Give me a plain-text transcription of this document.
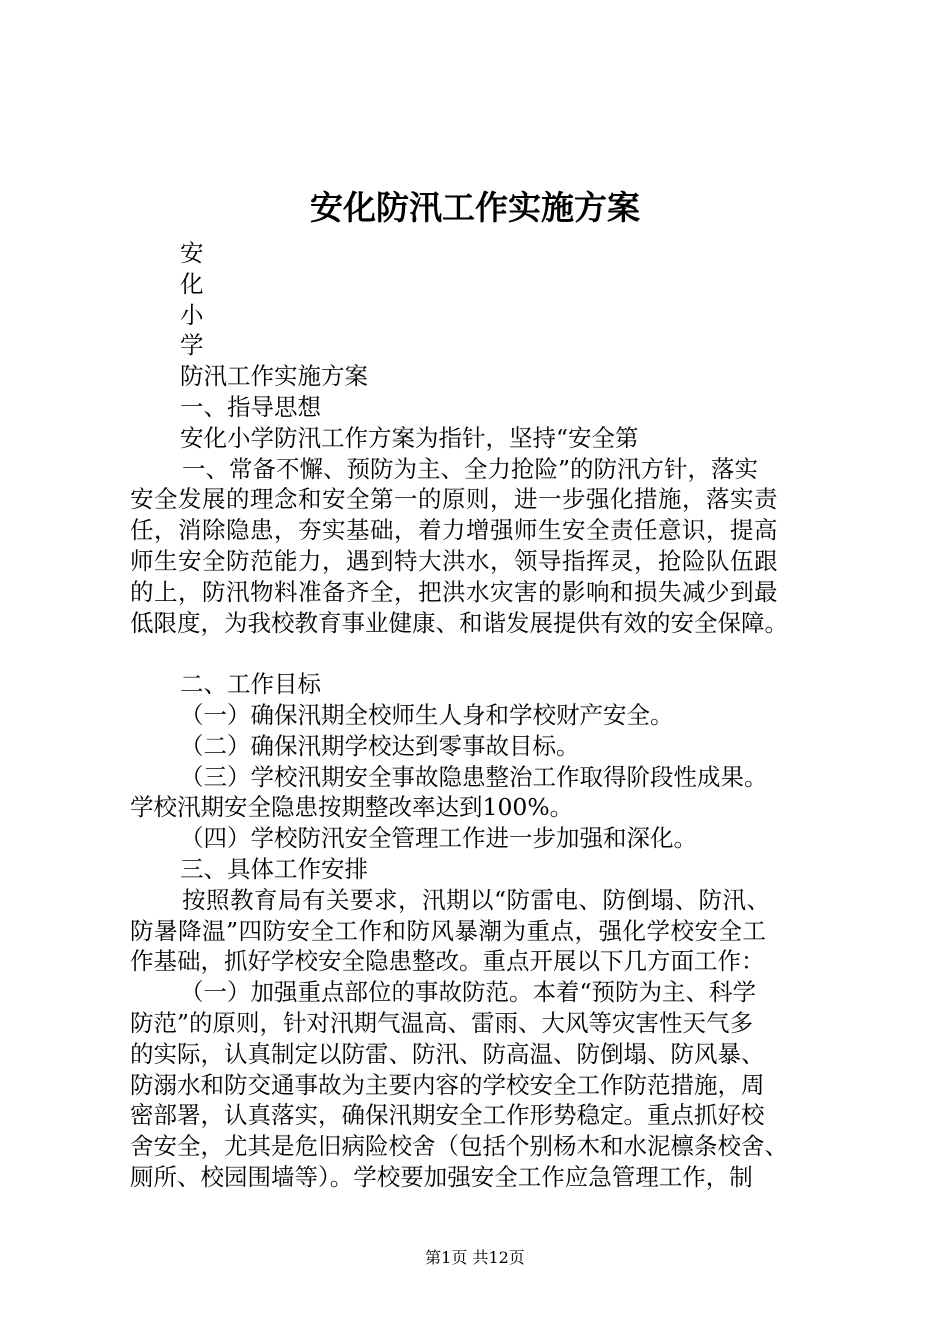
安化防汛工作实施方案
安
化
小
学
防汛工作实施方案
一、指导思想
安化小学防汛工作方案为指针，坚持“安全第
一、常备不懈、预防为主、全力抢险”的防汛方针，落实
安全发展的理念和安全第一的原则，进一步强化措施，落实责
任，消除隐患，夯实基础，着力增强师生安全责任意识，提高
师生安全防范能力，遇到特大洪水，领导指挥灵，抢险队伍跟
的上，防汛物料准备齐全，把洪水灾害的影响和损失减少到最
低限度，为我校教育事业健康、和谐发展提供有效的安全保障。
二、工作目标
（一）确保汛期全校师生人身和学校财产安全。
（二）确保汛期学校达到零事故目标。
（三）学校汛期安全事故隐患整治工作取得阶段性成果。
学校汛期安全隐患按期整改率达到100%。
（四）学校防汛安全管理工作进一步加强和深化。
三、具体工作安排
按照教育局有关要求，汛期以“防雷电、防倒塌、防汛、
防暑降温”四防安全工作和防风暴潮为重点，强化学校安全工
作基础，抓好学校安全隐患整改。重点开展以下几方面工作：
（一）加强重点部位的事故防范。本着“预防为主、科学
防范”的原则，针对汛期气温高、雷雨、大风等灾害性天气多
的实际，认真制定以防雷、防汛、防高温、防倒塌、防风暴、
防溺水和防交通事故为主要内容的学校安全工作防范措施，周
密部署，认真落实，确保汛期安全工作形势稳定。重点抓好校
舍安全，尤其是危旧病险校舍（包括个别杨木和水泥檩条校舍、
厕所、校园围墙等）。学校要加强安全工作应急管理工作，制
第1页 共12页
